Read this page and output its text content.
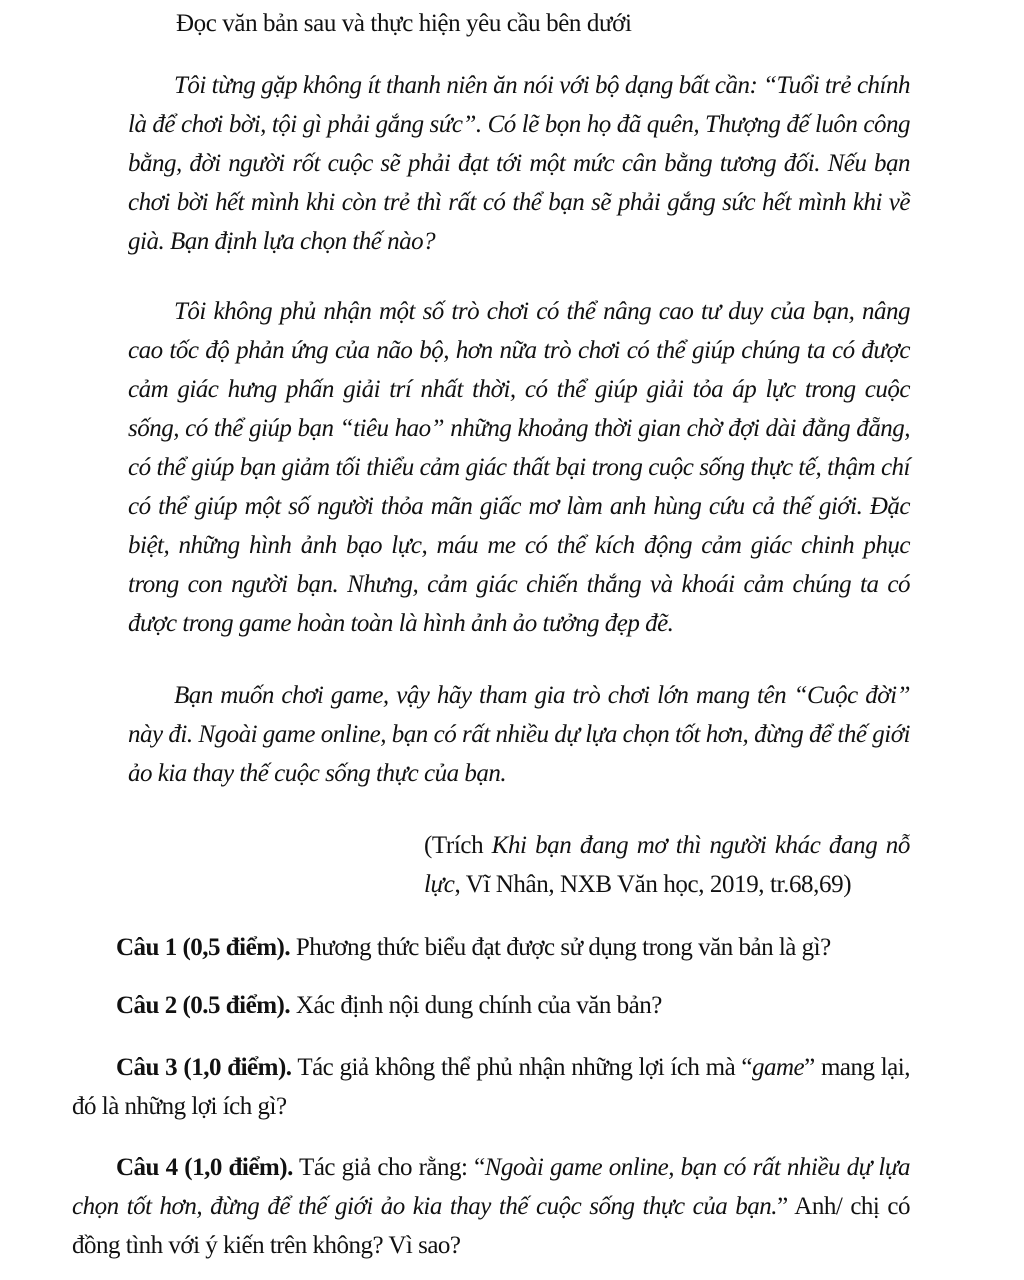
Đọc văn bản sau và thực hiện yêu cầu bên dưới

Tôi từng gặp không ít thanh niên ăn nói với bộ dạng bất cần: “Tuổi trẻ chính là để chơi bời, tội gì phải gắng sức”. Có lẽ bọn họ đã quên, Thượng đế luôn công bằng, đời người rốt cuộc sẽ phải đạt tới một mức cân bằng tương đối. Nếu bạn chơi bời hết mình khi còn trẻ thì rất có thể bạn sẽ phải gắng sức hết mình khi về già. Bạn định lựa chọn thế nào?

Tôi không phủ nhận một số trò chơi có thể nâng cao tư duy của bạn, nâng cao tốc độ phản ứng của não bộ, hơn nữa trò chơi có thể giúp chúng ta có được cảm giác hưng phấn giải trí nhất thời, có thể giúp giải tỏa áp lực trong cuộc sống, có thể giúp bạn “tiêu hao” những khoảng thời gian chờ đợi dài đằng đẵng, có thể giúp bạn giảm tối thiểu cảm giác thất bại trong cuộc sống thực tế, thậm chí có thể giúp một số người thỏa mãn giấc mơ làm anh hùng cứu cả thế giới. Đặc biệt, những hình ảnh bạo lực, máu me có thể kích động cảm giác chinh phục trong con người bạn. Nhưng, cảm giác chiến thắng và khoái cảm chúng ta có được trong game hoàn toàn là hình ảnh ảo tưởng đẹp đẽ.

Bạn muốn chơi game, vậy hãy tham gia trò chơi lớn mang tên “Cuộc đời” này đi. Ngoài game online, bạn có rất nhiều dự lựa chọn tốt hơn, đừng để thế giới ảo kia thay thế cuộc sống thực của bạn.

(Trích Khi bạn đang mơ thì người khác đang nỗ lực, Vĩ Nhân, NXB Văn học, 2019, tr.68,69)

Câu 1 (0,5 điểm). Phương thức biểu đạt được sử dụng trong văn bản là gì?

Câu 2 (0.5 điểm). Xác định nội dung chính của văn bản?

Câu 3 (1,0 điểm). Tác giả không thể phủ nhận những lợi ích mà “game” mang lại, đó là những lợi ích gì?

Câu 4 (1,0 điểm). Tác giả cho rằng: “Ngoài game online, bạn có rất nhiều dự lựa chọn tốt hơn, đừng để thế giới ảo kia thay thế cuộc sống thực của bạn.” Anh/ chị có đồng tình với ý kiến trên không? Vì sao?
